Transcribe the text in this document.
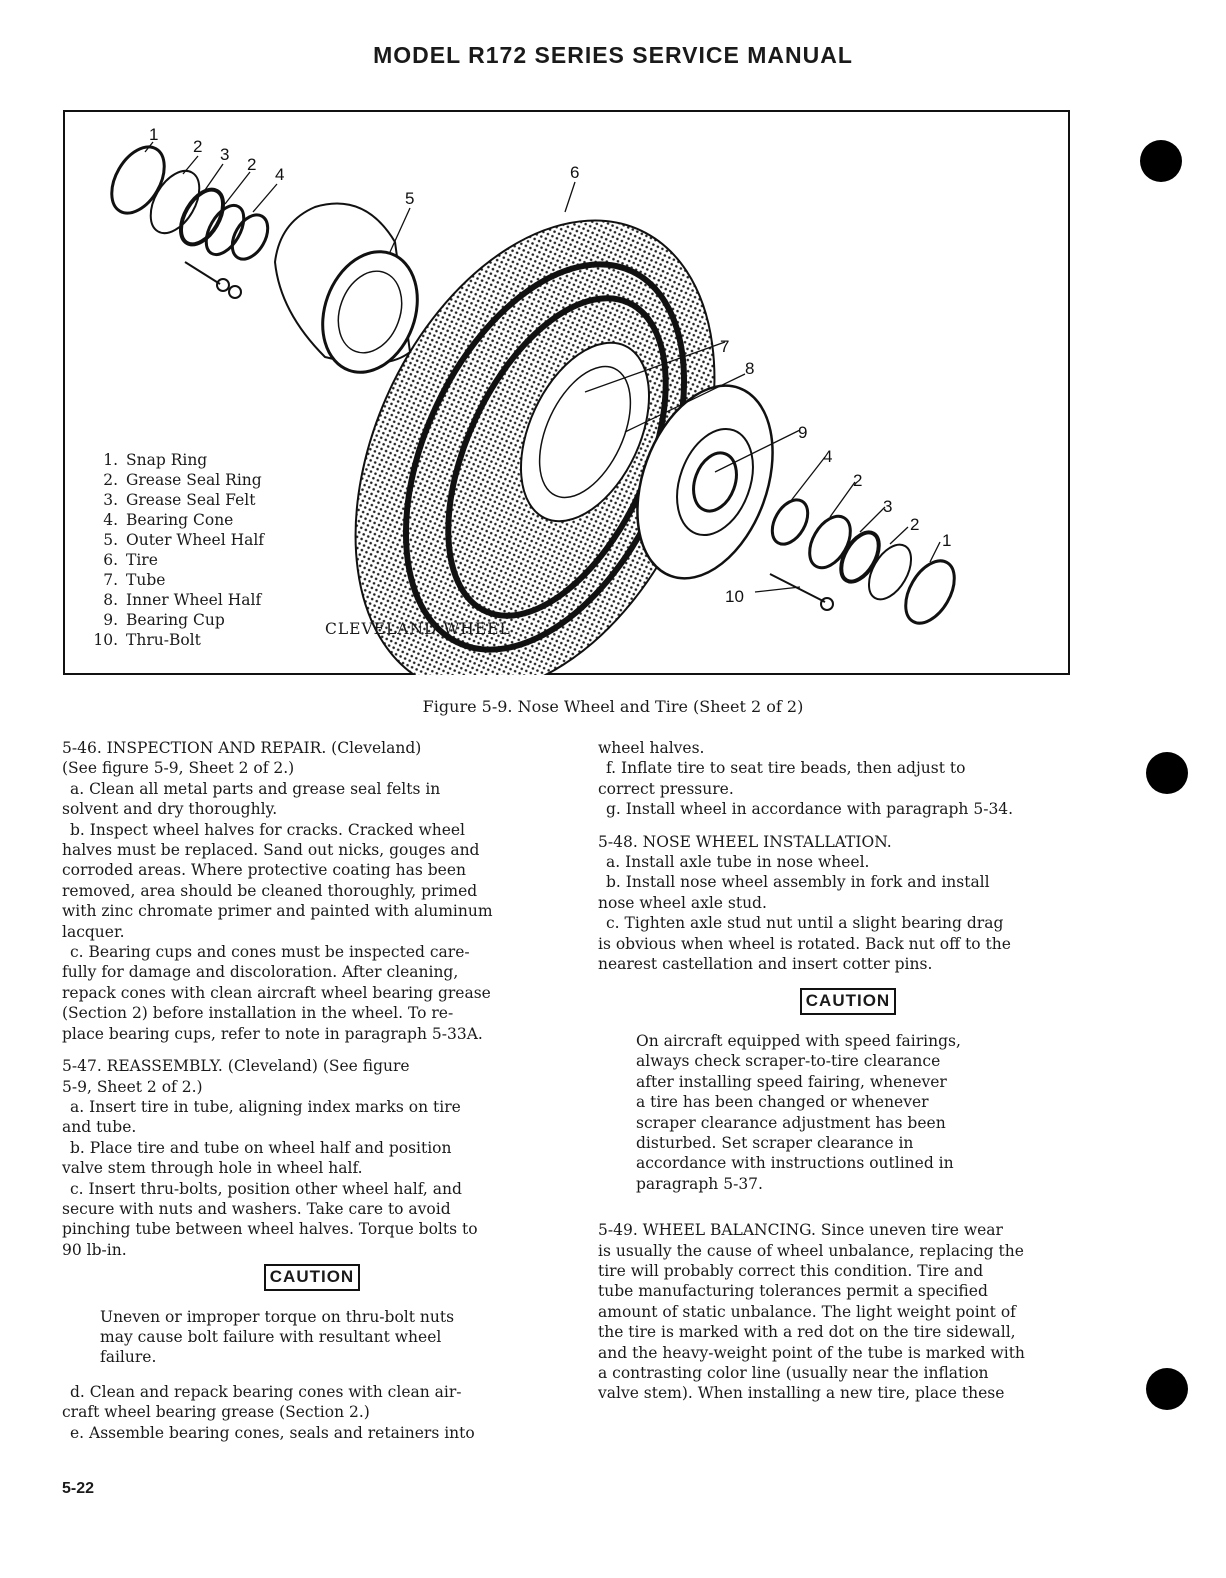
MODEL R172 SERIES SERVICE MANUAL
1
2 3
2
4
5
6
7
8
9
4
2
3
2
1
10
1. Snap Ring
2. Grease Seal Ring
3. Grease Seal Felt
4. Bearing Cone
5. Outer Wheel Half
6. Tire
7. Tube
8. Inner Wheel Half
9. Bearing Cup
10. Thru-Bolt
CLEVELAND WHEEL
Figure 5-9. Nose Wheel and Tire (Sheet 2 of 2)

5-46. INSPECTION AND REPAIR. (Cleveland)

(See figure 5-9, Sheet 2 of 2.)

a. Clean all metal parts and grease seal felts in

solvent and dry thoroughly.

b. Inspect wheel halves for cracks. Cracked wheel

halves must be replaced. Sand out nicks, gouges and

corroded areas. Where protective coating has been

removed, area should be cleaned thoroughly, primed

with zinc chromate primer and painted with aluminum

lacquer.

c. Bearing cups and cones must be inspected care-

fully for damage and discoloration. After cleaning,

repack cones with clean aircraft wheel bearing grease

(Section 2) before installation in the wheel. To re-

place bearing cups, refer to note in paragraph 5-33A.

5-47. REASSEMBLY. (Cleveland) (See figure

5-9, Sheet 2 of 2.)

a. Insert tire in tube, aligning index marks on tire

and tube.

b. Place tire and tube on wheel half and position

valve stem through hole in wheel half.

c. Insert thru-bolts, position other wheel half, and

secure with nuts and washers. Take care to avoid

pinching tube between wheel halves. Torque bolts to

90 lb-in.

CAUTION

Uneven or improper torque on thru-bolt nuts
may cause bolt failure with resultant wheel
failure.

d. Clean and repack bearing cones with clean air-

craft wheel bearing grease (Section 2.)

e. Assemble bearing cones, seals and retainers into

wheel halves.

f. Inflate tire to seat tire beads, then adjust to

correct pressure.

g. Install wheel in accordance with paragraph 5-34.

5-48. NOSE WHEEL INSTALLATION.

a. Install axle tube in nose wheel.

b. Install nose wheel assembly in fork and install

nose wheel axle stud.

c. Tighten axle stud nut until a slight bearing drag

is obvious when wheel is rotated. Back nut off to the

nearest castellation and insert cotter pins.

CAUTION

On aircraft equipped with speed fairings,
always check scraper-to-tire clearance
after installing speed fairing, whenever
a tire has been changed or whenever
scraper clearance adjustment has been
disturbed. Set scraper clearance in
accordance with instructions outlined in
paragraph 5-37.

5-49. WHEEL BALANCING. Since uneven tire wear

is usually the cause of wheel unbalance, replacing the

tire will probably correct this condition. Tire and

tube manufacturing tolerances permit a specified

amount of static unbalance. The light weight point of

the tire is marked with a red dot on the tire sidewall,

and the heavy-weight point of the tube is marked with

a contrasting color line (usually near the inflation

valve stem). When installing a new tire, place these

5-22
